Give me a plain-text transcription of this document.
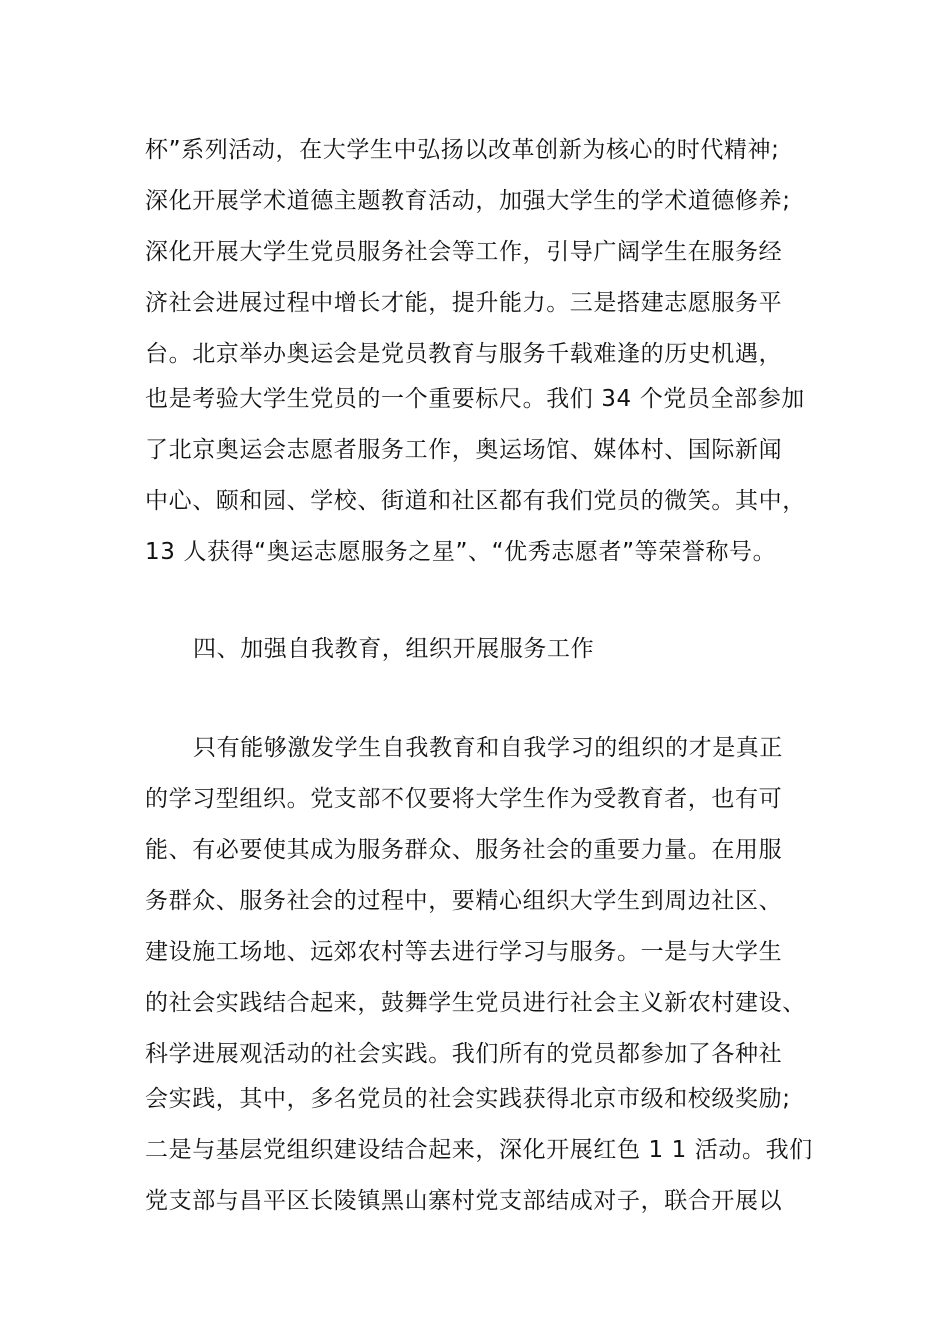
杯”系列活动，在大学生中弘扬以改革创新为核心的时代精神;
深化开展学术道德主题教育活动，加强大学生的学术道德修养;
深化开展大学生党员服务社会等工作，引导广阔学生在服务经
济社会进展过程中增长才能，提升能力。三是搭建志愿服务平
台。北京举办奥运会是党员教育与服务千载难逢的历史机遇，
也是考验大学生党员的一个重要标尺。我们 34 个党员全部参加
了北京奥运会志愿者服务工作，奥运场馆、媒体村、国际新闻
中心、颐和园、学校、街道和社区都有我们党员的微笑。其中，
13 人获得“奥运志愿服务之星”、“优秀志愿者”等荣誉称号。
四、加强自我教育，组织开展服务工作
只有能够激发学生自我教育和自我学习的组织的才是真正
的学习型组织。党支部不仅要将大学生作为受教育者，也有可
能、有必要使其成为服务群众、服务社会的重要力量。在用服
务群众、服务社会的过程中，要精心组织大学生到周边社区、
建设施工场地、远郊农村等去进行学习与服务。一是与大学生
的社会实践结合起来，鼓舞学生党员进行社会主义新农村建设、
科学进展观活动的社会实践。我们所有的党员都参加了各种社
会实践，其中，多名党员的社会实践获得北京市级和校级奖励;
二是与基层党组织建设结合起来，深化开展红色 1 1 活动。我们
党支部与昌平区长陵镇黑山寨村党支部结成对子，联合开展以
